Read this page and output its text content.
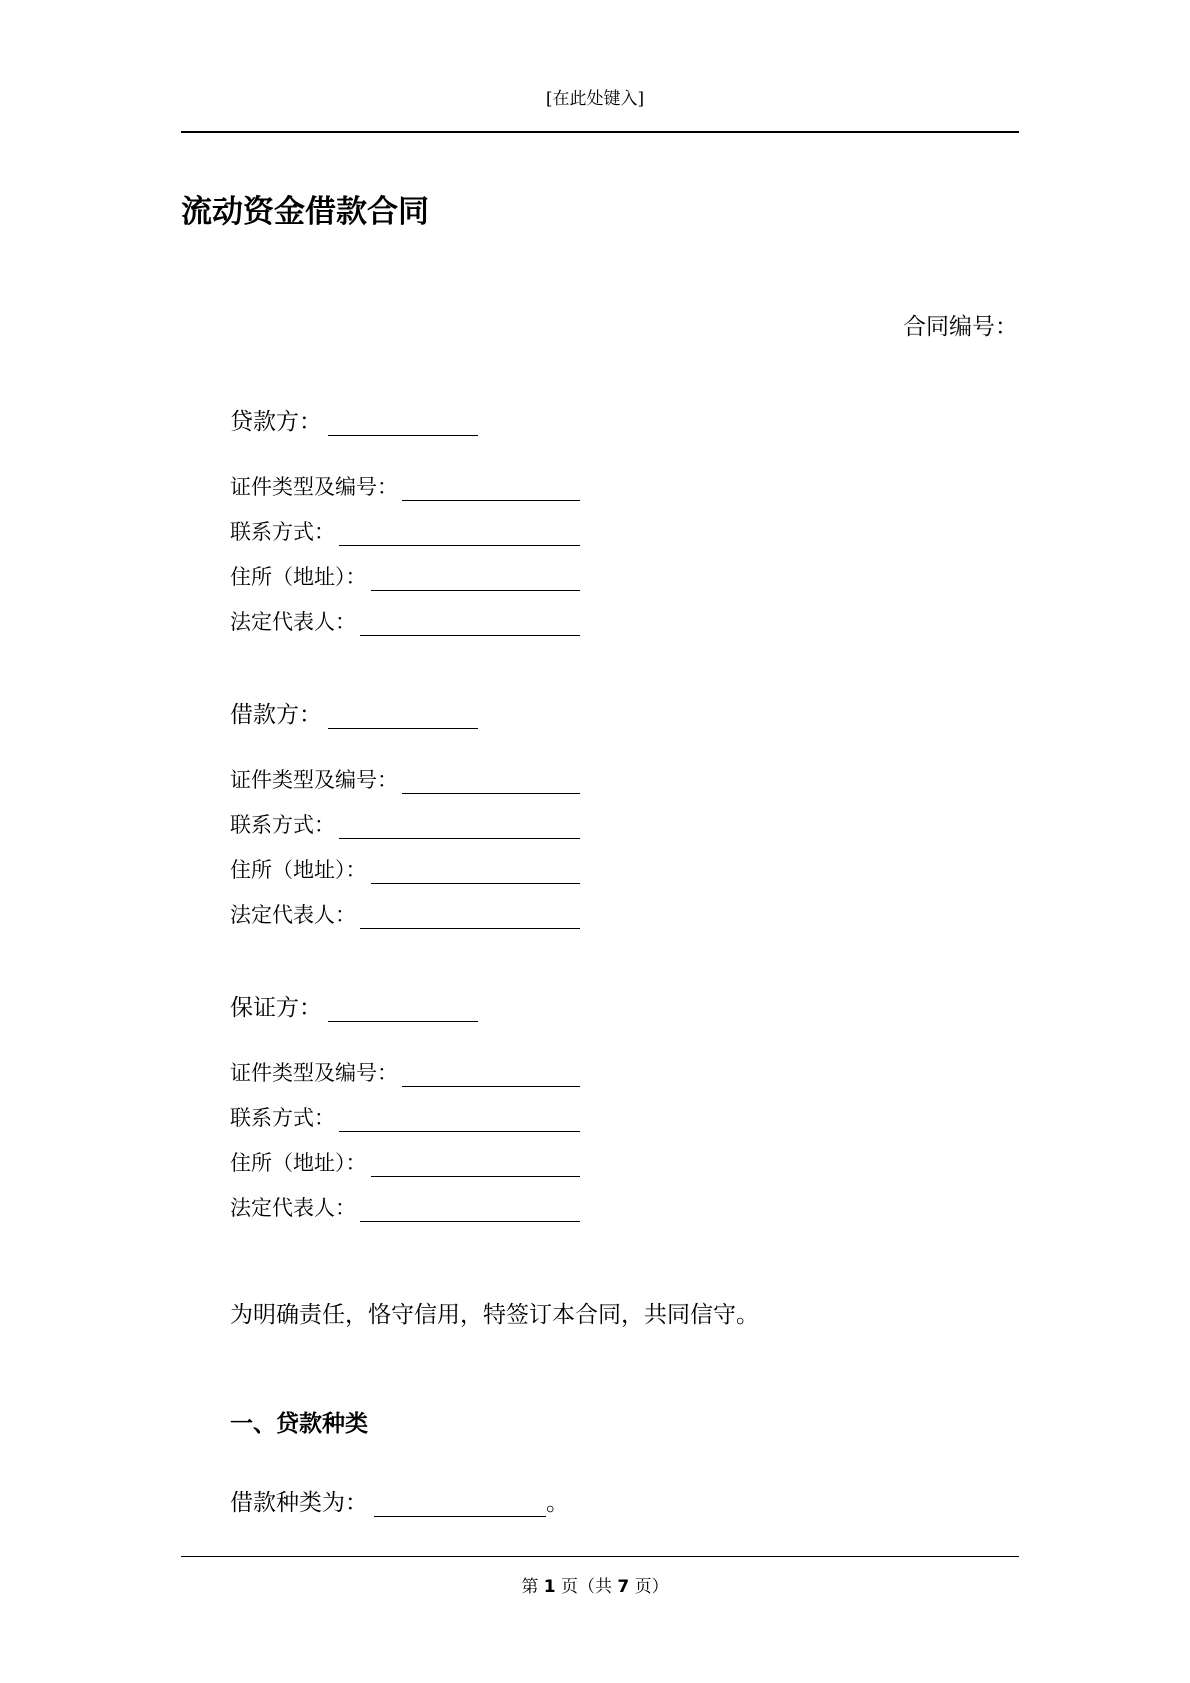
[在此处键入]
流动资金借款合同
合同编号：
贷款方：
证件类型及编号：
联系方式：
住所（地址）：
法定代表人：
借款方：
证件类型及编号：
联系方式：
住所（地址）：
法定代表人：
保证方：
证件类型及编号：
联系方式：
住所（地址）：
法定代表人：
为明确责任，恪守信用，特签订本合同，共同信守。
一、贷款种类
借款种类为：	。
第 1 页（共 7 页）
